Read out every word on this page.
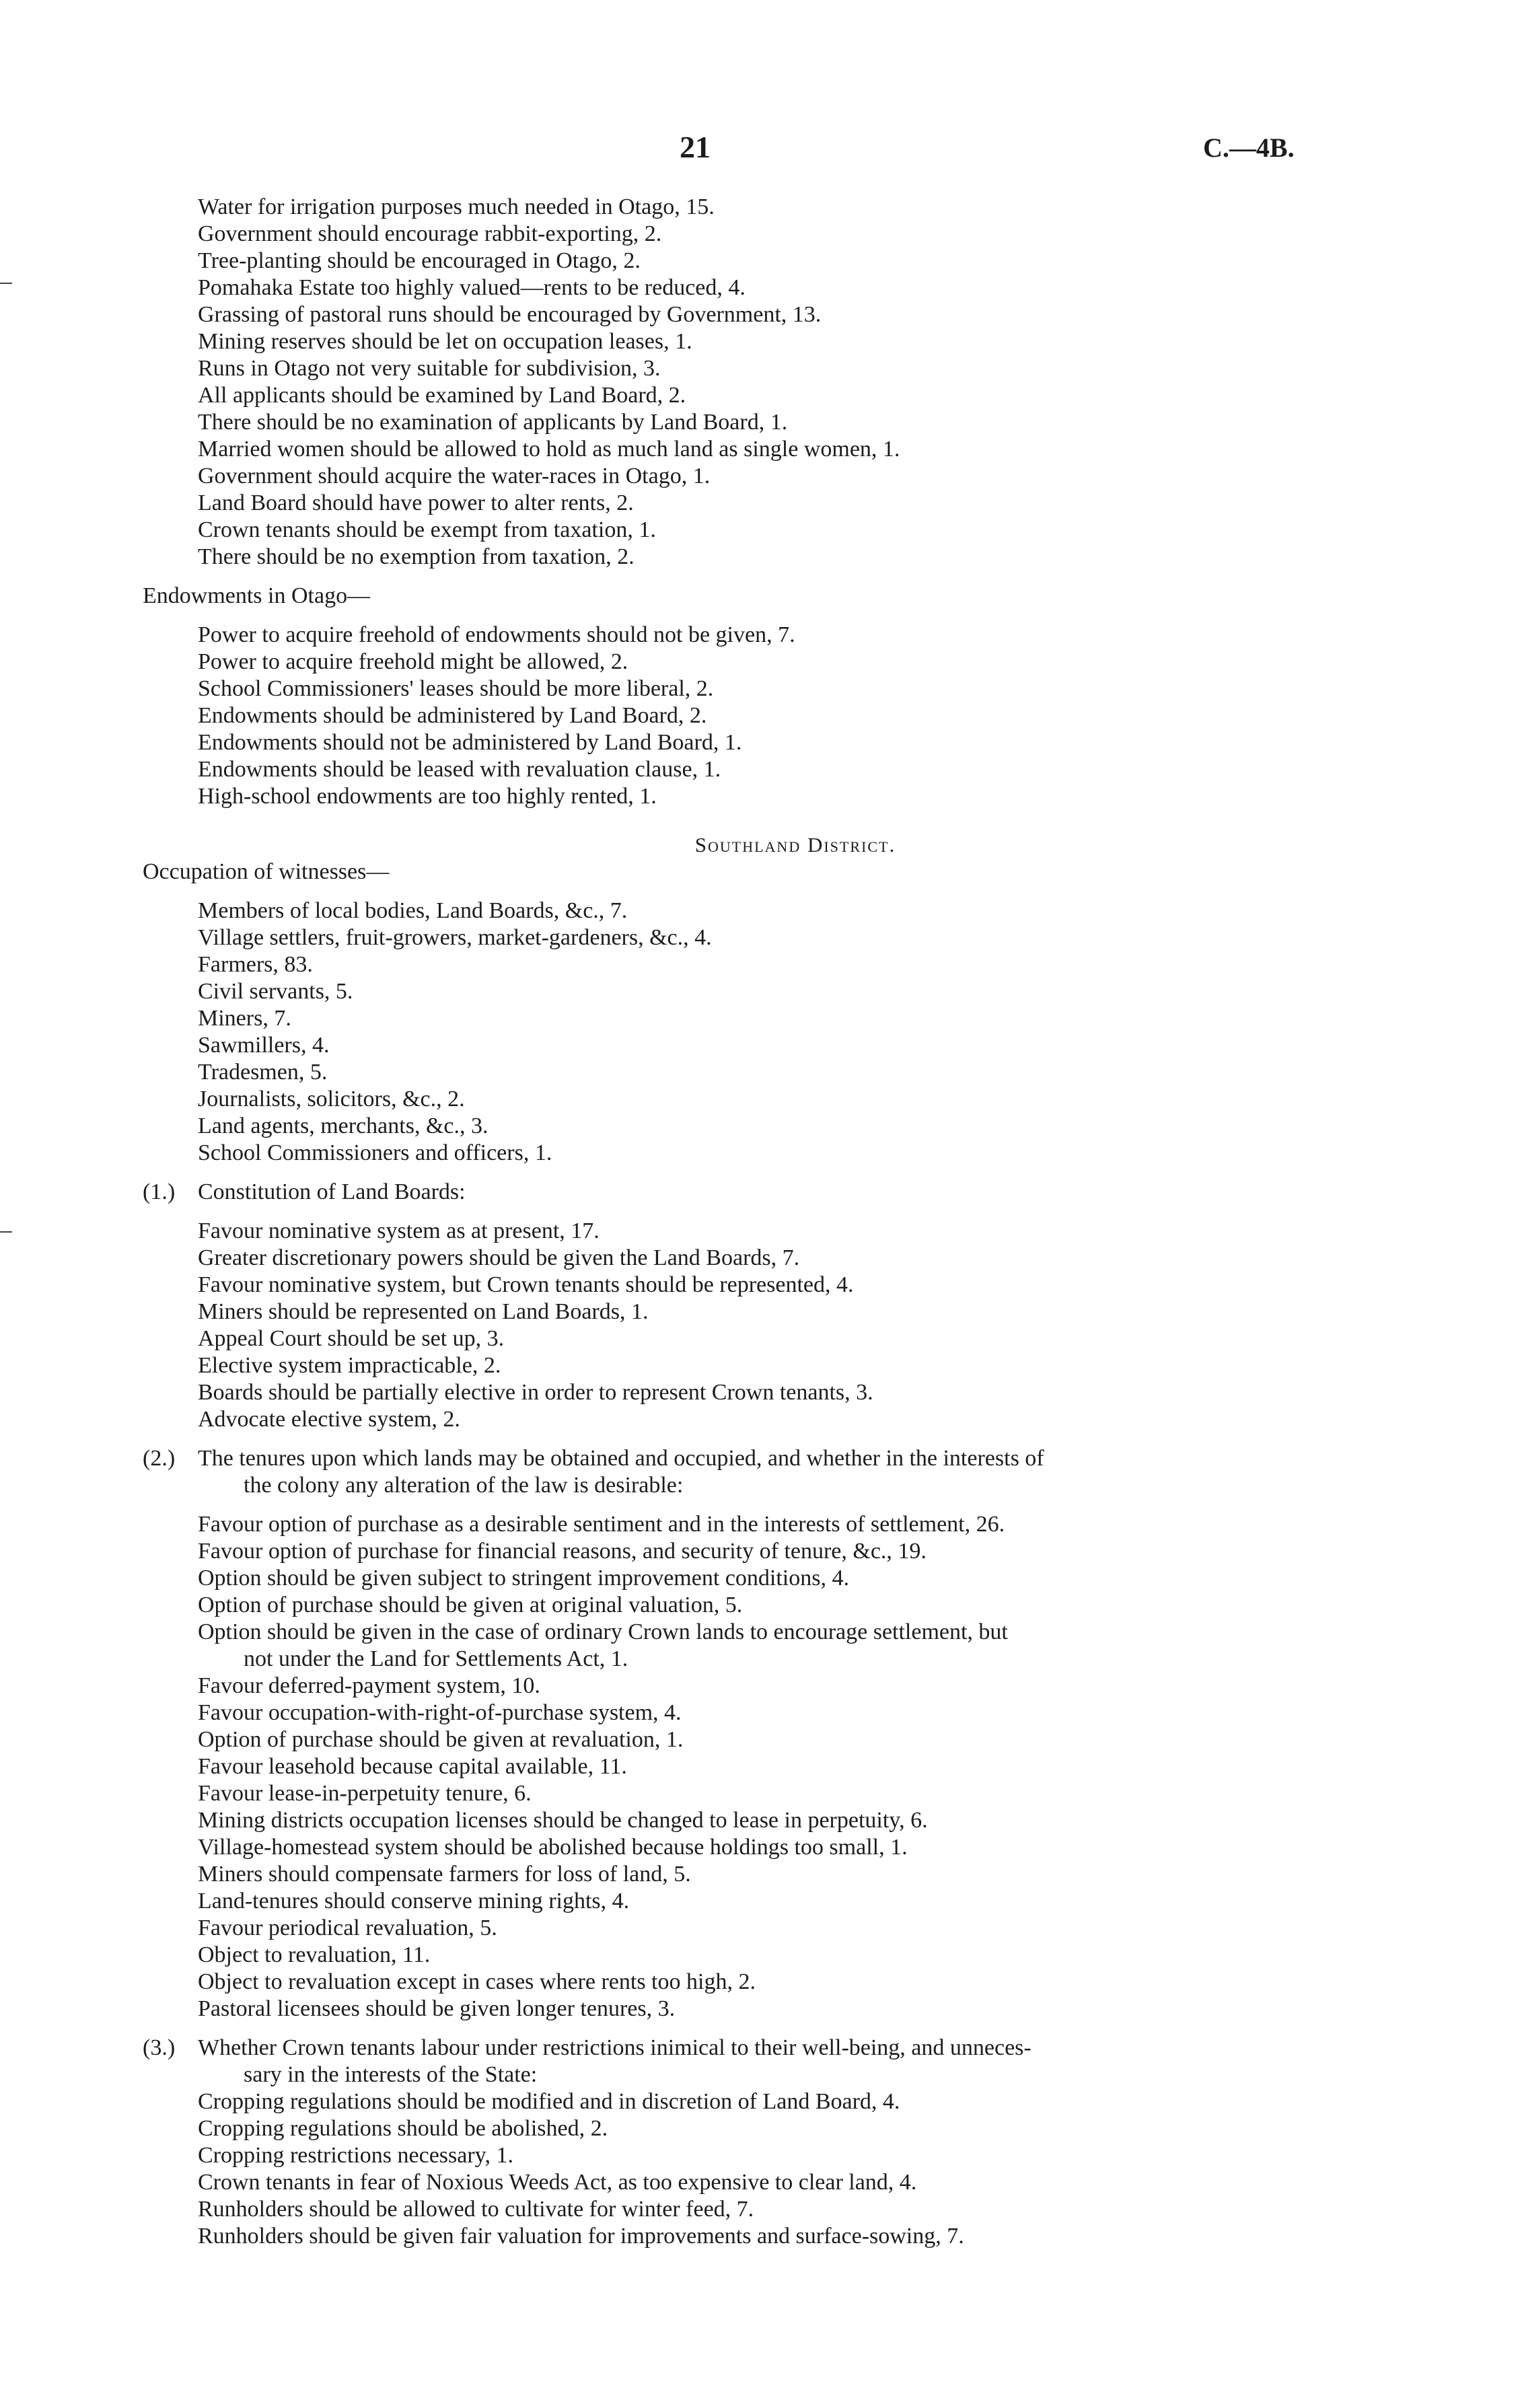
21	C.—4B.
Water for irrigation purposes much needed in Otago, 15.
Government should encourage rabbit-exporting, 2.
Tree-planting should be encouraged in Otago, 2.
Pomahaka Estate too highly valued—rents to be reduced, 4.
Grassing of pastoral runs should be encouraged by Government, 13.
Mining reserves should be let on occupation leases, 1.
Runs in Otago not very suitable for subdivision, 3.
All applicants should be examined by Land Board, 2.
There should be no examination of applicants by Land Board, 1.
Married women should be allowed to hold as much land as single women, 1.
Government should acquire the water-races in Otago, 1.
Land Board should have power to alter rents, 2.
Crown tenants should be exempt from taxation, 1.
There should be no exemption from taxation, 2.
Endowments in Otago—
Power to acquire freehold of endowments should not be given, 7.
Power to acquire freehold might be allowed, 2.
School Commissioners' leases should be more liberal, 2.
Endowments should be administered by Land Board, 2.
Endowments should not be administered by Land Board, 1.
Endowments should be leased with revaluation clause, 1.
High-school endowments are too highly rented, 1.
Southland District.
Occupation of witnesses—
Members of local bodies, Land Boards, &c., 7.
Village settlers, fruit-growers, market-gardeners, &c., 4.
Farmers, 83.
Civil servants, 5.
Miners, 7.
Sawmillers, 4.
Tradesmen, 5.
Journalists, solicitors, &c., 2.
Land agents, merchants, &c., 3.
School Commissioners and officers, 1.
(1.) Constitution of Land Boards:
Favour nominative system as at present, 17.
Greater discretionary powers should be given the Land Boards, 7.
Favour nominative system, but Crown tenants should be represented, 4.
Miners should be represented on Land Boards, 1.
Appeal Court should be set up, 3.
Elective system impracticable, 2.
Boards should be partially elective in order to represent Crown tenants, 3.
Advocate elective system, 2.
(2.) The tenures upon which lands may be obtained and occupied, and whether in the interests of
the colony any alteration of the law is desirable:
Favour option of purchase as a desirable sentiment and in the interests of settlement, 26.
Favour option of purchase for financial reasons, and security of tenure, &c., 19.
Option should be given subject to stringent improvement conditions, 4.
Option of purchase should be given at original valuation, 5.
Option should be given in the case of ordinary Crown lands to encourage settlement, but
not under the Land for Settlements Act, 1.
Favour deferred-payment system, 10.
Favour occupation-with-right-of-purchase system, 4.
Option of purchase should be given at revaluation, 1.
Favour leasehold because capital available, 11.
Favour lease-in-perpetuity tenure, 6.
Mining districts occupation licenses should be changed to lease in perpetuity, 6.
Village-homestead system should be abolished because holdings too small, 1.
Miners should compensate farmers for loss of land, 5.
Land-tenures should conserve mining rights, 4.
Favour periodical revaluation, 5.
Object to revaluation, 11.
Object to revaluation except in cases where rents too high, 2.
Pastoral licensees should be given longer tenures, 3.
(3.) Whether Crown tenants labour under restrictions inimical to their well-being, and unneces-
sary in the interests of the State:
Cropping regulations should be modified and in discretion of Land Board, 4.
Cropping regulations should be abolished, 2.
Cropping restrictions necessary, 1.
Crown tenants in fear of Noxious Weeds Act, as too expensive to clear land, 4.
Runholders should be allowed to cultivate for winter feed, 7.
Runholders should be given fair valuation for improvements and surface-sowing, 7.
